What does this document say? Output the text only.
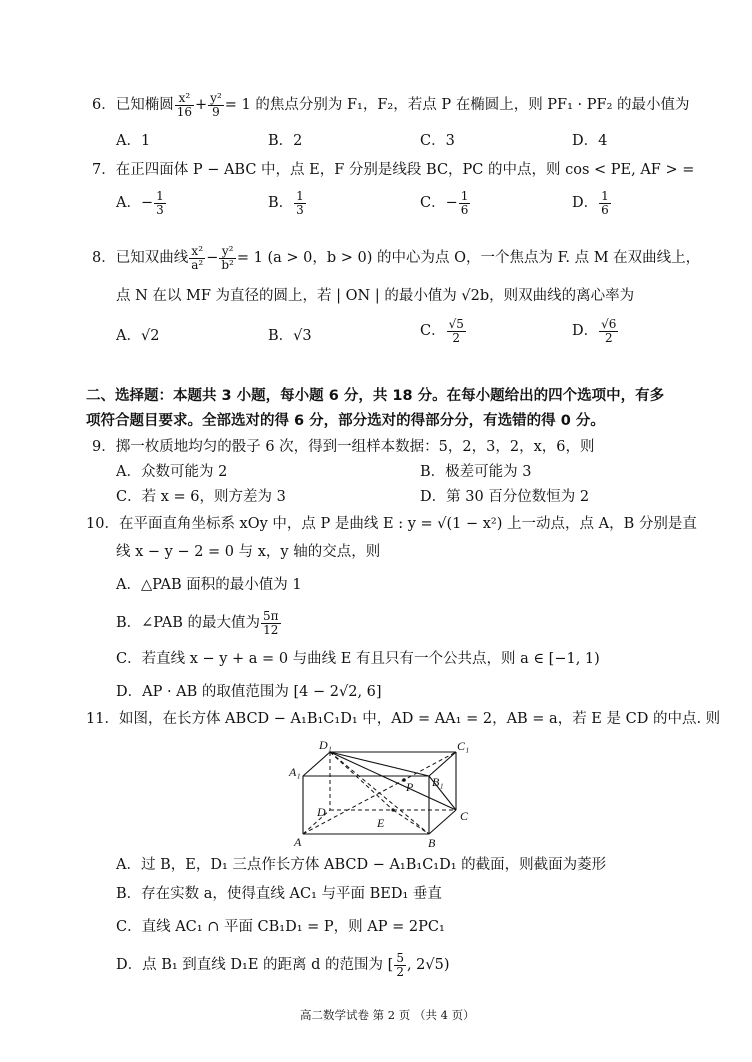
6．已知椭圆 $\frac{\text{x²}}{16} + \frac{\text{y²}}{9} = 1$ 的焦点分别为 F₁，F₂，若点 P 在椭圆上，则 PF₁ · PF₂ 的最小值为
A．1	B．2	C．3	D．4
7．在正四面体 P − ABC 中，点 E，F 分别是线段 BC，PC 的中点，则 cos < PE, AF > =
A．− $\frac{1}{3}$	B． $\frac{1}{3}$	C．− $\frac{1}{6}$	D． $\frac{1}{6}$
8．已知双曲线 $\frac{\text{x²}}{\text{a²}} - \frac{\text{y²}}{\text{b²}} = 1$ (a > 0，b > 0) 的中心为点 O，一个焦点为 F. 点 M 在双曲线上，
点 N 在以 MF 为直径的圆上，若 | ON | 的最小值为 √2b，则双曲线的离心率为
A．√2	B．√3	C． $\frac{√5}{2}$	D． $\frac{√6}{2}$
二、选择题：本题共 3 小题，每小题 6 分，共 18 分。在每小题给出的四个选项中，有多
项符合题目要求。全部选对的得 6 分，部分选对的得部分分，有选错的得 0 分。
9．掷一枚质地均匀的骰子 6 次，得到一组样本数据：5，2，3，2，x，6，则
A．众数可能为 2	B．极差可能为 3
C．若 x = 6，则方差为 3	D．第 30 百分位数恒为 2
10．在平面直角坐标系 xOy 中，点 P 是曲线 E : y = √(1 − x²) 上一动点，点 A，B 分别是直
线 x − y − 2 = 0 与 x，y 轴的交点，则
A．△PAB 面积的最小值为 1
B．∠PAB 的最大值为 $\frac{5\pi}{12}$
C．若直线 x − y + a = 0 与曲线 E 有且只有一个公共点，则 a ∈ [−1, 1)
D．AP · AB 的取值范围为 [4 − 2√2, 6]
11．如图，在长方体 ABCD − A₁B₁C₁D₁ 中，AD = AA₁ = 2，AB = a，若 E 是 CD 的中点. 则
D₁	C₁
A₁
B₁
P
D	C
E
A	B
A．过 B，E，D₁ 三点作长方体 ABCD − A₁B₁C₁D₁ 的截面，则截面为菱形
B．存在实数 a，使得直线 AC₁ 与平面 BED₁ 垂直
C．直线 AC₁ ∩ 平面 CB₁D₁ = P，则 AP = 2PC₁
D．点 B₁ 到直线 D₁E 的距离 d 的范围为 [ $\frac{5}{2}$ , 2√5)
高二数学试卷 第 2 页 （共 4 页）
